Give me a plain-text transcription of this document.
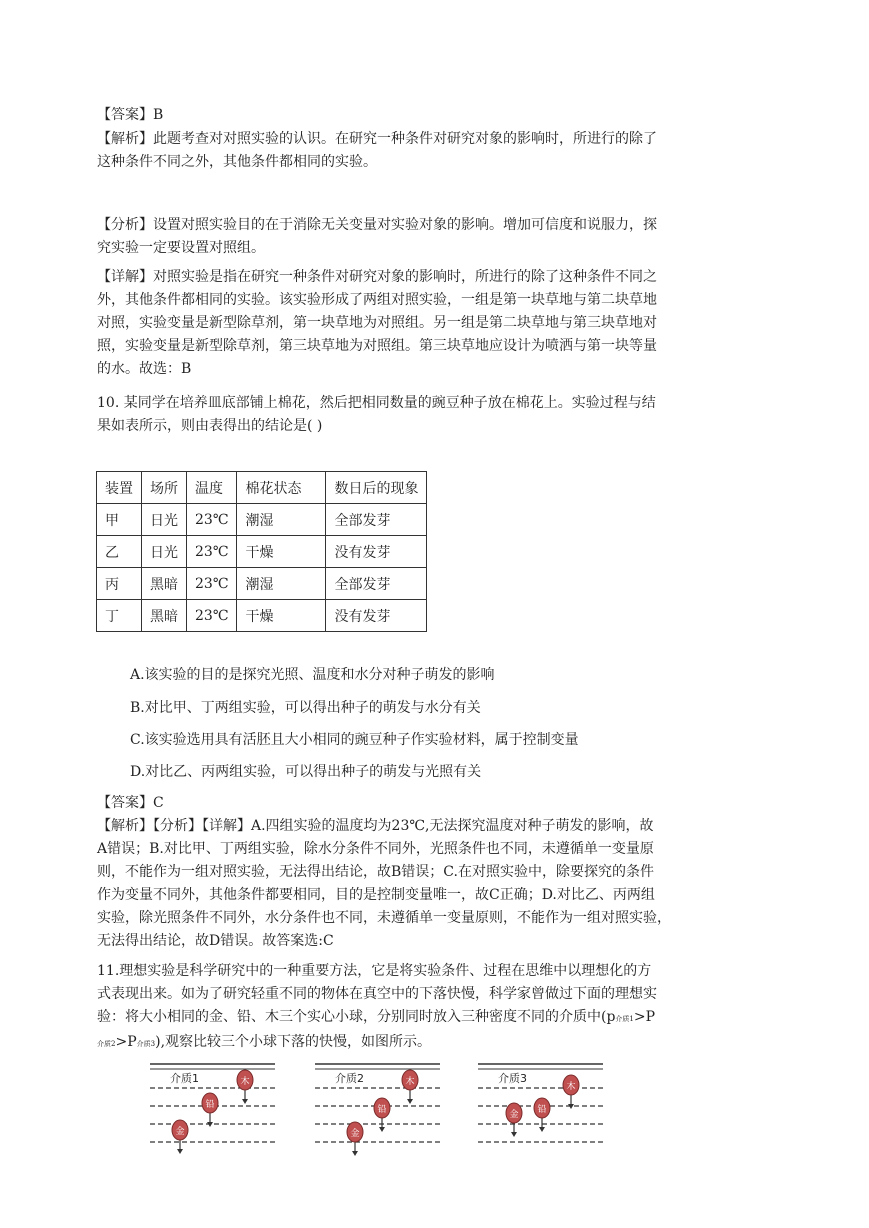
【答案】B
【解析】此题考查对对照实验的认识。在研究一种条件对研究对象的影响时，所进行的除了
这种条件不同之外，其他条件都相同的实验。
【分析】设置对照实验目的在于消除无关变量对实验对象的影响。增加可信度和说服力，探
究实验一定要设置对照组。
【详解】对照实验是指在研究一种条件对研究对象的影响时，所进行的除了这种条件不同之
外，其他条件都相同的实验。该实验形成了两组对照实验，一组是第一块草地与第二块草地
对照，实验变量是新型除草剂，第一块草地为对照组。另一组是第二块草地与第三块草地对
照，实验变量是新型除草剂，第三块草地为对照组。第三块草地应设计为喷洒与第一块等量
的水。故选：B
10. 某同学在培养皿底部铺上棉花，然后把相同数量的豌豆种子放在棉花上。实验过程与结
果如表所示，则由表得出的结论是( )
装置	场所	温度	棉花状态	数日后的现象
甲	日光	23℃	潮湿	全部发芽
乙	日光	23℃	干燥	没有发芽
丙	黑暗	23℃	潮湿	全部发芽
丁	黑暗	23℃	干燥	没有发芽
A.该实验的目的是探究光照、温度和水分对种子萌发的影响
B.对比甲、丁两组实验，可以得出种子的萌发与水分有关
C.该实验选用具有活胚且大小相同的豌豆种子作实验材料，属于控制变量
D.对比乙、丙两组实验，可以得出种子的萌发与光照有关
【答案】C
【解析】【分析】【详解】A.四组实验的温度均为23℃,无法探究温度对种子萌发的影响，故
A错误；B.对比甲、丁两组实验，除水分条件不同外，光照条件也不同，未遵循单一变量原
则，不能作为一组对照实验，无法得出结论，故B错误；C.在对照实验中，除要探究的条件
作为变量不同外，其他条件都要相同，目的是控制变量唯一，故C正确；D.对比乙、丙两组
实验，除光照条件不同外，水分条件也不同，未遵循单一变量原则，不能作为一组对照实验，
无法得出结论，故D错误。故答案选:C
11.理想实验是科学研究中的一种重要方法，它是将实验条件、过程在思维中以理想化的方
式表现出来。如为了研究轻重不同的物体在真空中的下落快慢，科学家曾做过下面的理想实
验：将大小相同的金、铅、木三个实心小球，分别同时放入三种密度不同的介质中(p介质1>P
介质2>P介质3),观察比较三个小球下落的快慢，如图所示。
介质1	木
铅
金
介质2	木
铅
金
介质3
木
铅
金
